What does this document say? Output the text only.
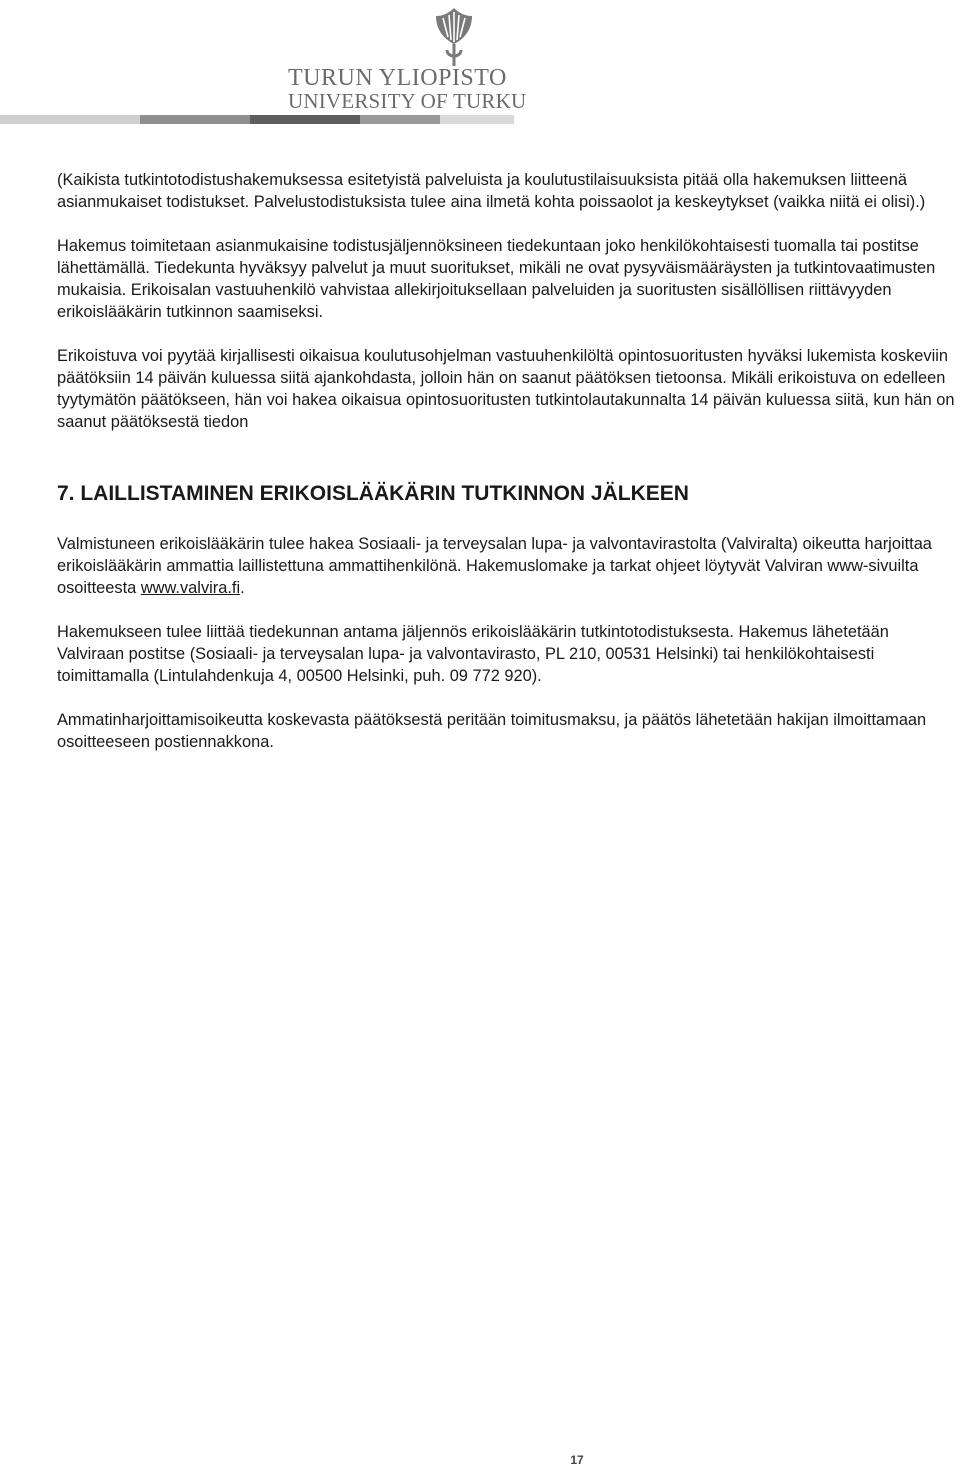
TURUN YLIOPISTO
UNIVERSITY OF TURKU

(Kaikista tutkintotodistushakemuksessa esitetyistä palveluista ja koulutustilaisuuksista pitää olla hakemuksen liitteenä asianmukaiset todistukset. Palvelustodistuksista tulee aina ilmetä kohta poissaolot ja keskeytykset (vaikka niitä ei olisi).)

Hakemus toimitetaan asianmukaisine todistusjäljennöksineen tiedekuntaan joko henkilökohtaisesti tuomalla tai postitse lähettämällä. Tiedekunta hyväksyy palvelut ja muut suoritukset, mikäli ne ovat pysyväismääräysten ja tutkintovaatimusten mukaisia. Erikoisalan vastuuhenkilö vahvistaa allekirjoituksellaan palveluiden ja suoritusten sisällöllisen riittävyyden erikoislääkärin tutkinnon saamiseksi.

Erikoistuva voi pyytää kirjallisesti oikaisua koulutusohjelman vastuuhenkilöltä opintosuoritusten hyväksi lukemista koskeviin päätöksiin 14 päivän kuluessa siitä ajankohdasta, jolloin hän on saanut päätöksen tietoonsa. Mikäli erikoistuva on edelleen tyytymätön päätökseen, hän voi hakea oikaisua opintosuoritusten tutkintolautakunnalta 14 päivän kuluessa siitä, kun hän on saanut päätöksestä tiedon

7. LAILLISTAMINEN ERIKOISLÄÄKÄRIN TUTKINNON JÄLKEEN

Valmistuneen erikoislääkärin tulee hakea Sosiaali- ja terveysalan lupa- ja valvontavirastolta (Valviralta) oikeutta harjoittaa erikoislääkärin ammattia laillistettuna ammattihenkilönä. Hakemuslomake ja tarkat ohjeet löytyvät Valviran www-sivuilta osoitteesta www.valvira.fi.

Hakemukseen tulee liittää tiedekunnan antama jäljennös erikoislääkärin tutkintotodistuksesta. Hakemus lähetetään Valviraan postitse (Sosiaali- ja terveysalan lupa- ja valvontavirasto, PL 210, 00531 Helsinki) tai henkilökohtaisesti toimittamalla (Lintulahdenkuja 4, 00500 Helsinki, puh. 09 772 920).

Ammatinharjoittamisoikeutta koskevasta päätöksestä peritään toimitusmaksu, ja päätös lähetetään hakijan ilmoittamaan osoitteeseen postiennakkona.

17
